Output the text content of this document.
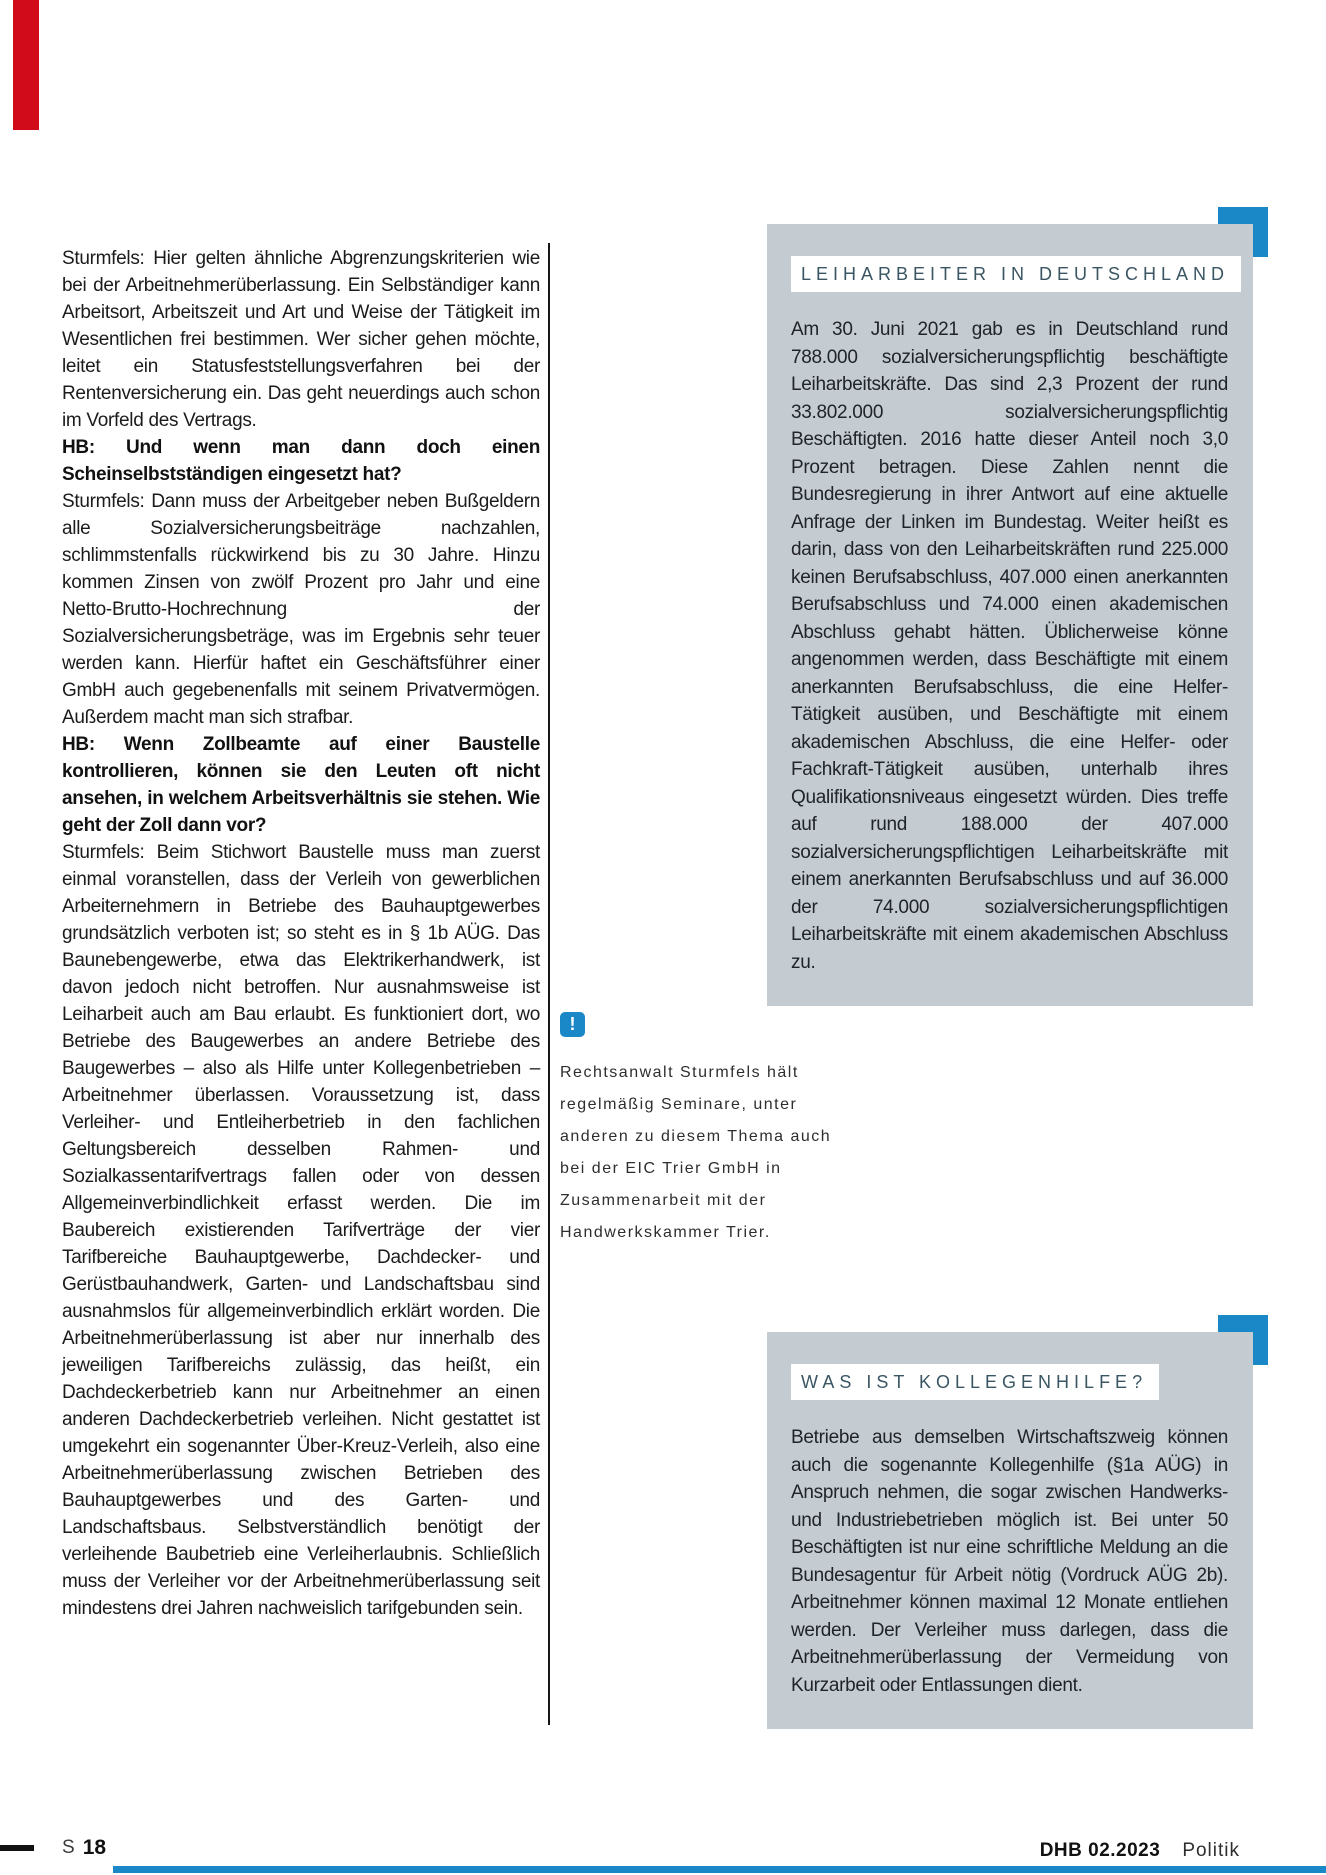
Sturmfels: Hier gelten ähnliche Abgrenzungskriterien wie bei der Arbeitnehmerüberlassung. Ein Selbständiger kann Arbeitsort, Arbeitszeit und Art und Weise der Tätigkeit im Wesentlichen frei bestimmen. Wer sicher gehen möchte, leitet ein Statusfeststellungsverfahren bei der Rentenversicherung ein. Das geht neuerdings auch schon im Vorfeld des Vertrags.

HB: Und wenn man dann doch einen Scheinselbstständigen eingesetzt hat?

Sturmfels: Dann muss der Arbeitgeber neben Bußgeldern alle Sozialversicherungsbeiträge nachzahlen, schlimmstenfalls rückwirkend bis zu 30 Jahre. Hinzu kommen Zinsen von zwölf Prozent pro Jahr und eine Netto-Brutto-Hochrechnung der Sozialversicherungsbeträge, was im Ergebnis sehr teuer werden kann. Hierfür haftet ein Geschäftsführer einer GmbH auch gegebenenfalls mit seinem Privatvermögen. Außerdem macht man sich strafbar.

HB: Wenn Zollbeamte auf einer Baustelle kontrollieren, können sie den Leuten oft nicht ansehen, in welchem Arbeitsverhältnis sie stehen. Wie geht der Zoll dann vor?

Sturmfels: Beim Stichwort Baustelle muss man zuerst einmal voranstellen, dass der Verleih von gewerblichen Arbeiternehmern in Betriebe des Bauhauptgewerbes grundsätzlich verboten ist; so steht es in § 1b AÜG. Das Baunebengewerbe, etwa das Elektrikerhandwerk, ist davon jedoch nicht betroffen. Nur ausnahmsweise ist Leiharbeit auch am Bau erlaubt. Es funktioniert dort, wo Betriebe des Baugewerbes an andere Betriebe des Baugewerbes – also als Hilfe unter Kollegenbetrieben – Arbeitnehmer überlassen. Voraussetzung ist, dass Verleiher- und Entleiherbetrieb in den fachlichen Geltungsbereich desselben Rahmen- und Sozialkassentarifvertrags fallen oder von dessen Allgemeinverbindlichkeit erfasst werden. Die im Baubereich existierenden Tarifverträge der vier Tarifbereiche Bauhauptgewerbe, Dachdecker- und Gerüstbauhandwerk, Garten- und Landschaftsbau sind ausnahmslos für allgemeinverbindlich erklärt worden. Die Arbeitnehmerüberlassung ist aber nur innerhalb des jeweiligen Tarifbereichs zulässig, das heißt, ein Dachdeckerbetrieb kann nur Arbeitnehmer an einen anderen Dachdeckerbetrieb verleihen. Nicht gestattet ist umgekehrt ein sogenannter Über-Kreuz-Verleih, also eine Arbeitnehmerüberlassung zwischen Betrieben des Bauhauptgewerbes und des Garten- und Landschaftsbaus. Selbstverständlich benötigt der verleihende Baubetrieb eine Verleiherlaubnis. Schließlich muss der Verleiher vor der Arbeitnehmerüberlassung seit mindestens drei Jahren nachweislich tarifgebunden sein.

!

Rechtsanwalt Sturmfels hält regelmäßig Seminare, unter anderen zu diesem Thema auch bei der EIC Trier GmbH in Zusammenarbeit mit der Handwerkskammer Trier.

LEIHARBEITER IN DEUTSCHLAND

Am 30. Juni 2021 gab es in Deutschland rund 788.000 sozialversicherungspflichtig beschäftigte Leiharbeitskräfte. Das sind 2,3 Prozent der rund 33.802.000 sozialversicherungspflichtig Beschäftigten. 2016 hatte dieser Anteil noch 3,0 Prozent betragen. Diese Zahlen nennt die Bundesregierung in ihrer Antwort auf eine aktuelle Anfrage der Linken im Bundestag. Weiter heißt es darin, dass von den Leiharbeitskräften rund 225.000 keinen Berufsabschluss, 407.000 einen anerkannten Berufsabschluss und 74.000 einen akademischen Abschluss gehabt hätten. Üblicherweise könne angenommen werden, dass Beschäftigte mit einem anerkannten Berufsabschluss, die eine Helfer-Tätigkeit ausüben, und Beschäftigte mit einem akademischen Abschluss, die eine Helfer- oder Fachkraft-Tätigkeit ausüben, unterhalb ihres Qualifikationsniveaus eingesetzt würden. Dies treffe auf rund 188.000 der 407.000 sozialversicherungspflichtigen Leiharbeitskräfte mit einem anerkannten Berufsabschluss und auf 36.000 der 74.000 sozialversicherungspflichtigen Leiharbeitskräfte mit einem akademischen Abschluss zu.

WAS IST KOLLEGENHILFE?

Betriebe aus demselben Wirtschaftszweig können auch die sogenannte Kollegenhilfe (§1a AÜG) in Anspruch nehmen, die sogar zwischen Handwerks- und Industriebetrieben möglich ist. Bei unter 50 Beschäftigten ist nur eine schriftliche Meldung an die Bundesagentur für Arbeit nötig (Vordruck AÜG 2b). Arbeitnehmer können maximal 12 Monate entliehen werden. Der Verleiher muss darlegen, dass die Arbeitnehmerüberlassung der Vermeidung von Kurzarbeit oder Entlassungen dient.

S 18	DHB 02.2023 Politik
